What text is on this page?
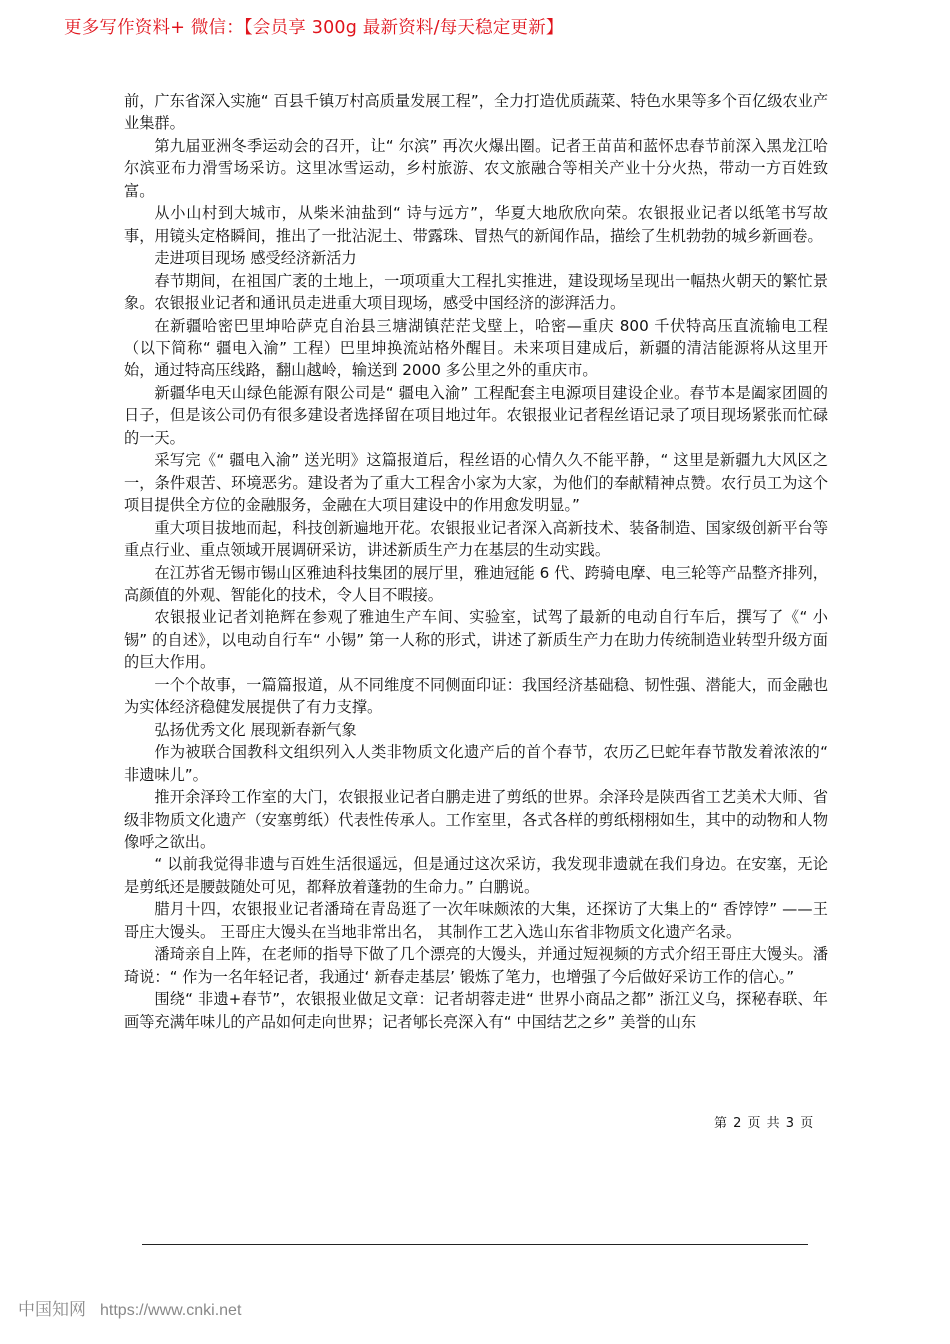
更多写作资料+ 微信：【会员享 300g 最新资料/每天稳定更新】

前，广东省深入实施“ 百县千镇万村高质量发展工程”，全力打造优质蔬菜、特色水果等多个百亿级农业产业集群。

第九届亚洲冬季运动会的召开，让“ 尔滨” 再次火爆出圈。记者王苗苗和蓝怀忠春节前深入黑龙江哈尔滨亚布力滑雪场采访。这里冰雪运动，乡村旅游、农文旅融合等相关产业十分火热，带动一方百姓致富。

从小山村到大城市，从柴米油盐到“ 诗与远方”，华夏大地欣欣向荣。农银报业记者以纸笔书写故事，用镜头定格瞬间，推出了一批沾泥土、带露珠、冒热气的新闻作品，描绘了生机勃勃的城乡新画卷。

走进项目现场 感受经济新活力

春节期间，在祖国广袤的土地上，一项项重大工程扎实推进，建设现场呈现出一幅热火朝天的繁忙景象。农银报业记者和通讯员走进重大项目现场，感受中国经济的澎湃活力。

在新疆哈密巴里坤哈萨克自治县三塘湖镇茫茫戈壁上，哈密—重庆 800 千伏特高压直流输电工程（以下简称“ 疆电入渝” 工程）巴里坤换流站格外醒目。未来项目建成后，新疆的清洁能源将从这里开始，通过特高压线路，翻山越岭，输送到 2000 多公里之外的重庆市。

新疆华电天山绿色能源有限公司是“ 疆电入渝” 工程配套主电源项目建设企业。春节本是阖家团圆的日子，但是该公司仍有很多建设者选择留在项目地过年。农银报业记者程丝语记录了项目现场紧张而忙碌的一天。

采写完《“ 疆电入渝” 送光明》这篇报道后，程丝语的心情久久不能平静，“ 这里是新疆九大风区之一，条件艰苦、环境恶劣。建设者为了重大工程舍小家为大家，为他们的奉献精神点赞。农行员工为这个项目提供全方位的金融服务，金融在大项目建设中的作用愈发明显。”

重大项目拔地而起，科技创新遍地开花。农银报业记者深入高新技术、装备制造、国家级创新平台等重点行业、重点领域开展调研采访，讲述新质生产力在基层的生动实践。

在江苏省无锡市锡山区雅迪科技集团的展厅里，雅迪冠能 6 代、跨骑电摩、电三轮等产品整齐排列，高颜值的外观、智能化的技术，令人目不暇接。

农银报业记者刘艳辉在参观了雅迪生产车间、实验室，试驾了最新的电动自行车后，撰写了《“ 小锡” 的自述》，以电动自行车“ 小锡” 第一人称的形式，讲述了新质生产力在助力传统制造业转型升级方面的巨大作用。

一个个故事，一篇篇报道，从不同维度不同侧面印证：我国经济基础稳、韧性强、潜能大，而金融也为实体经济稳健发展提供了有力支撑。

弘扬优秀文化 展现新春新气象

作为被联合国教科文组织列入人类非物质文化遗产后的首个春节，农历乙巳蛇年春节散发着浓浓的“ 非遗味儿”。

推开余泽玲工作室的大门，农银报业记者白鹏走进了剪纸的世界。余泽玲是陕西省工艺美术大师、省级非物质文化遗产（安塞剪纸）代表性传承人。工作室里，各式各样的剪纸栩栩如生，其中的动物和人物像呼之欲出。

“ 以前我觉得非遗与百姓生活很遥远，但是通过这次采访，我发现非遗就在我们身边。在安塞，无论是剪纸还是腰鼓随处可见，都释放着蓬勃的生命力。” 白鹏说。

腊月十四，农银报业记者潘琦在青岛逛了一次年味颇浓的大集，还探访了大集上的“ 香饽饽” ——王哥庄大馒头。 王哥庄大馒头在当地非常出名， 其制作工艺入选山东省非物质文化遗产名录。

潘琦亲自上阵，在老师的指导下做了几个漂亮的大馒头，并通过短视频的方式介绍王哥庄大馒头。潘琦说：“ 作为一名年轻记者，我通过‘ 新春走基层’ 锻炼了笔力，也增强了今后做好采访工作的信心。”

围绕“ 非遗+春节”，农银报业做足文章：记者胡蓉走进“ 世界小商品之都” 浙江义乌，探秘春联、年画等充满年味儿的产品如何走向世界；记者郇长亮深入有“ 中国结艺之乡” 美誉的山东

第 2 页 共 3 页
中国知网 https://www.cnki.net
